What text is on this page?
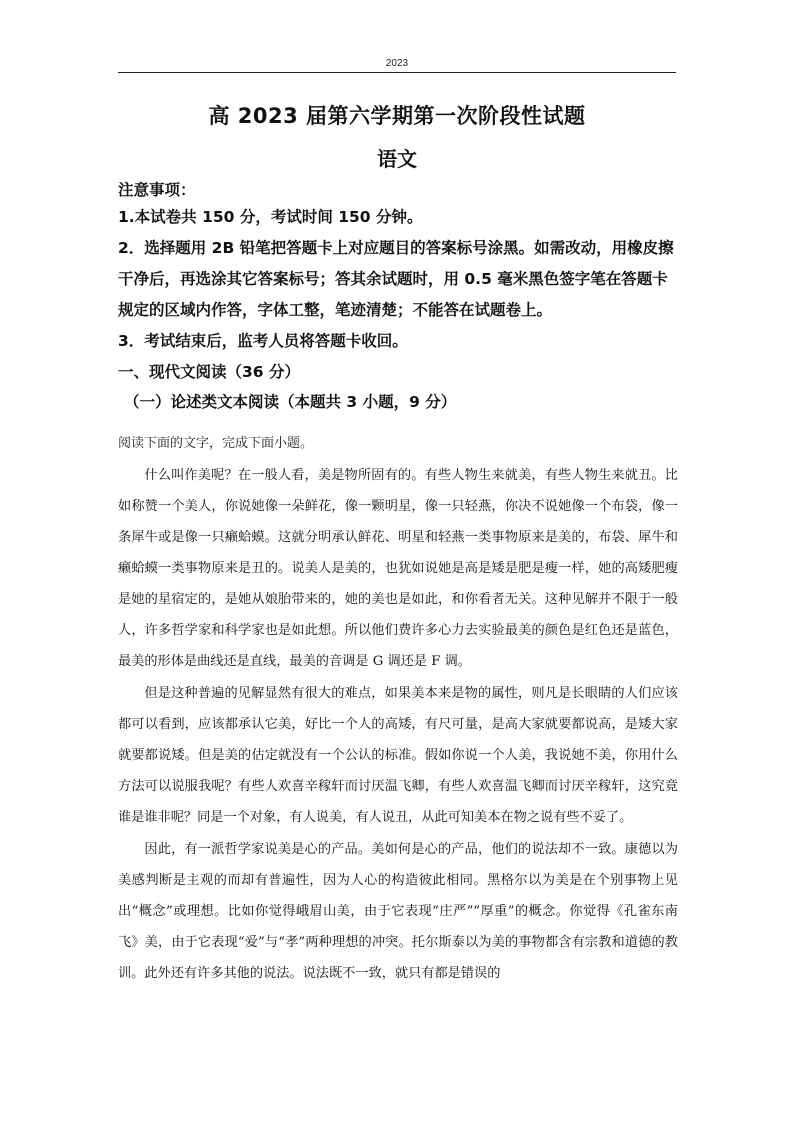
2023
高 2023 届第六学期第一次阶段性试题
语文
注意事项：
1.本试卷共 150 分，考试时间 150 分钟。
2．选择题用 2B 铅笔把答题卡上对应题目的答案标号涂黑。如需改动，用橡皮擦干净后，再选涂其它答案标号；答其余试题时，用 0.5 毫米黑色签字笔在答题卡规定的区域内作答，字体工整，笔迹清楚；不能答在试题卷上。
3．考试结束后，监考人员将答题卡收回。
一、现代文阅读（36 分）
（一）论述类文本阅读（本题共 3 小题，9 分）
阅读下面的文字，完成下面小题。

什么叫作美呢？在一般人看，美是物所固有的。有些人物生来就美，有些人物生来就丑。比如称赞一个美人，你说她像一朵鲜花，像一颗明星，像一只轻燕，你决不说她像一个布袋，像一条犀牛或是像一只癞蛤蟆。这就分明承认鲜花、明星和轻燕一类事物原来是美的，布袋、犀牛和癞蛤蟆一类事物原来是丑的。说美人是美的，也犹如说她是高是矮是肥是瘦一样，她的高矮肥瘦是她的星宿定的，是她从娘胎带来的，她的美也是如此，和你看者无关。这种见解并不限于一般人，许多哲学家和科学家也是如此想。所以他们费许多心力去实验最美的颜色是红色还是蓝色，最美的形体是曲线还是直线，最美的音调是 G 调还是 F 调。

但是这种普遍的见解显然有很大的难点，如果美本来是物的属性，则凡是长眼睛的人们应该都可以看到，应该都承认它美，好比一个人的高矮，有尺可量，是高大家就要都说高，是矮大家就要都说矮。但是美的估定就没有一个公认的标准。假如你说一个人美，我说她不美，你用什么方法可以说服我呢？有些人欢喜辛稼轩而讨厌温飞卿，有些人欢喜温飞卿而讨厌辛稼轩，这究竟谁是谁非呢？同是一个对象，有人说美，有人说丑，从此可知美本在物之说有些不妥了。

因此，有一派哲学家说美是心的产品。美如何是心的产品，他们的说法却不一致。康德以为美感判断是主观的而却有普遍性，因为人心的构造彼此相同。黑格尔以为美是在个别事物上见出“概念”或理想。比如你觉得峨眉山美，由于它表现“庄严”“厚重”的概念。你觉得《孔雀东南飞》美，由于它表现“爱”与“孝”两种理想的冲突。托尔斯泰以为美的事物都含有宗教和道德的教训。此外还有许多其他的说法。说法既不一致，就只有都是错误的
